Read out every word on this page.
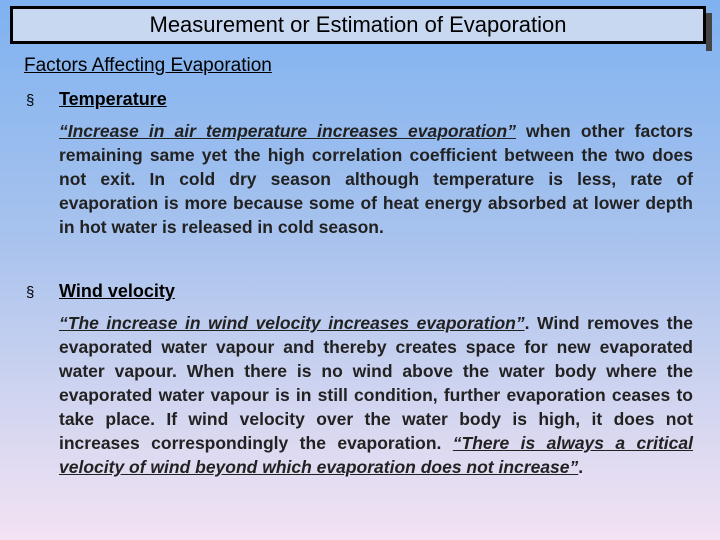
Measurement or Estimation of Evaporation
Factors Affecting Evaporation
§ Temperature
“Increase in air temperature increases evaporation” when other factors remaining same yet the high correlation coefficient between the two does not exit. In cold dry season although temperature is less, rate of evaporation is more because some of heat energy absorbed at lower depth in hot water is released in cold season.
§ Wind velocity
“The increase in wind velocity increases evaporation”. Wind removes the evaporated water vapour and thereby creates space for new evaporated water vapour. When there is no wind above the water body where the evaporated water vapour is in still condition, further evaporation ceases to take place. If wind velocity over the water body is high, it does not increases correspondingly the evaporation. “There is always a critical velocity of wind beyond which evaporation does not increase”.
